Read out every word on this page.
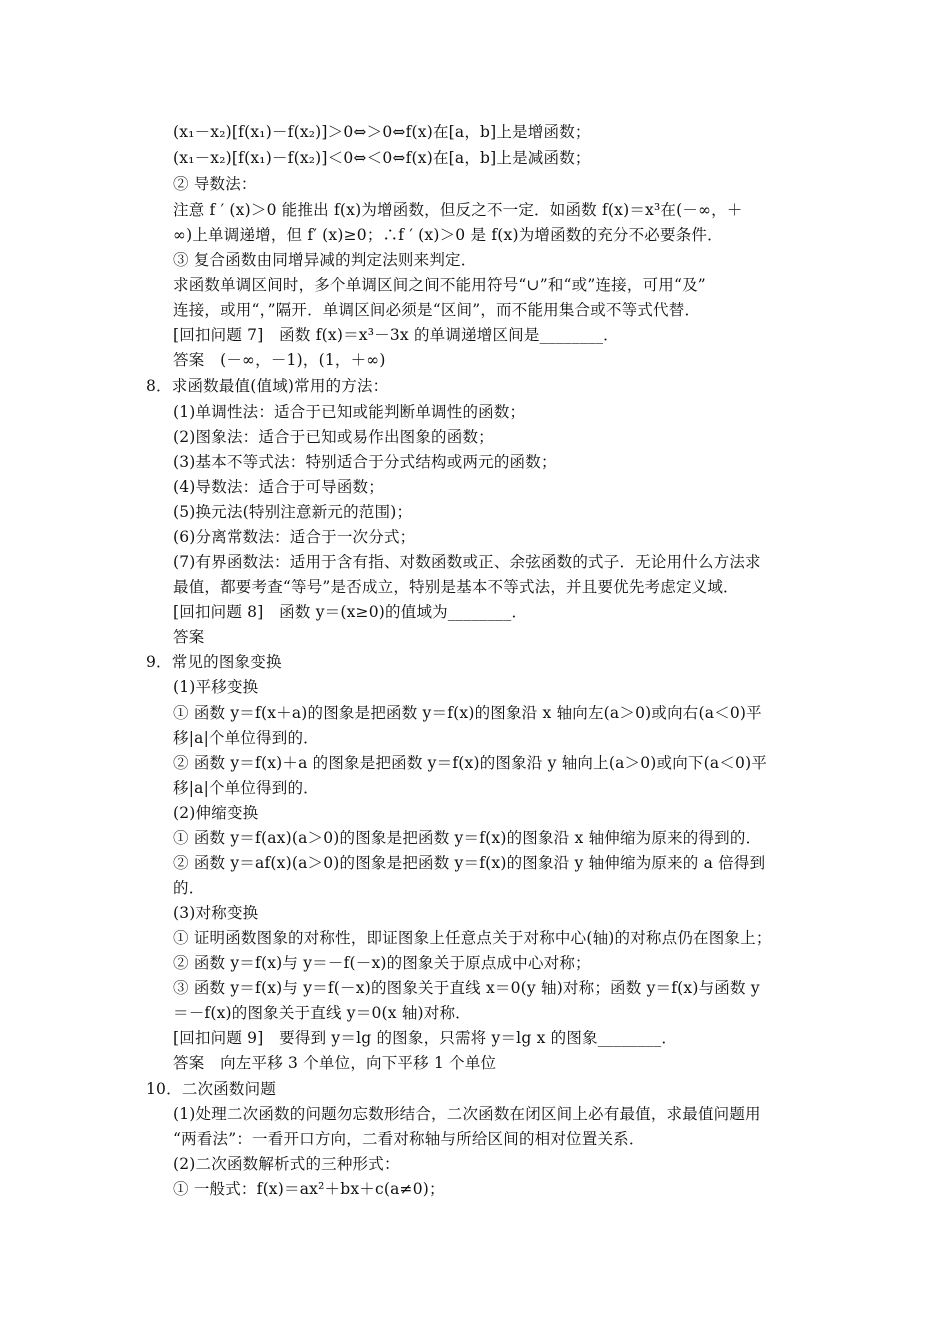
(x₁－x₂)[f(x₁)－f(x₂)]＞0⇔＞0⇔f(x)在[a，b]上是增函数；
(x₁－x₂)[f(x₁)－f(x₂)]＜0⇔＜0⇔f(x)在[a，b]上是减函数；
② 导数法：
注意 f ′ (x)＞0 能推出 f(x)为增函数，但反之不一定．如函数 f(x)＝x³在(－∞，＋
∞)上单调递增，但 f′ (x)≥0；∴f ′ (x)＞0 是 f(x)为增函数的充分不必要条件．
③ 复合函数由同增异减的判定法则来判定．
求函数单调区间时，多个单调区间之间不能用符号“∪”和“或”连接，可用“及”
连接，或用“，”隔开．单调区间必须是“区间”，而不能用集合或不等式代替．
[回扣问题 7]　函数 f(x)＝x³－3x 的单调递增区间是________．
答案　(－∞，－1)，(1，＋∞)
8．求函数最值(值域)常用的方法：
(1)单调性法：适合于已知或能判断单调性的函数；
(2)图象法：适合于已知或易作出图象的函数；
(3)基本不等式法：特别适合于分式结构或两元的函数；
(4)导数法：适合于可导函数；
(5)换元法(特别注意新元的范围)；
(6)分离常数法：适合于一次分式；
(7)有界函数法：适用于含有指、对数函数或正、余弦函数的式子．无论用什么方法求
最值，都要考查“等号”是否成立，特别是基本不等式法，并且要优先考虑定义域．
[回扣问题 8]　函数 y＝(x≥0)的值域为________．
答案
9．常见的图象变换
(1)平移变换
① 函数 y＝f(x＋a)的图象是把函数 y＝f(x)的图象沿 x 轴向左(a＞0)或向右(a＜0)平
移|a|个单位得到的．
② 函数 y＝f(x)＋a 的图象是把函数 y＝f(x)的图象沿 y 轴向上(a＞0)或向下(a＜0)平
移|a|个单位得到的．
(2)伸缩变换
① 函数 y＝f(ax)(a＞0)的图象是把函数 y＝f(x)的图象沿 x 轴伸缩为原来的得到的．
② 函数 y＝af(x)(a＞0)的图象是把函数 y＝f(x)的图象沿 y 轴伸缩为原来的 a 倍得到
的．
(3)对称变换
① 证明函数图象的对称性，即证图象上任意点关于对称中心(轴)的对称点仍在图象上；
② 函数 y＝f(x)与 y＝－f(－x)的图象关于原点成中心对称；
③ 函数 y＝f(x)与 y＝f(－x)的图象关于直线 x＝0(y 轴)对称；函数 y＝f(x)与函数 y
＝－f(x)的图象关于直线 y＝0(x 轴)对称．
[回扣问题 9]　要得到 y＝lg 的图象，只需将 y＝lg x 的图象________．
答案　向左平移 3 个单位，向下平移 1 个单位
10．二次函数问题
(1)处理二次函数的问题勿忘数形结合，二次函数在闭区间上必有最值，求最值问题用
“两看法”：一看开口方向，二看对称轴与所给区间的相对位置关系．
(2)二次函数解析式的三种形式：
① 一般式：f(x)＝ax²＋bx＋c(a≠0)；
